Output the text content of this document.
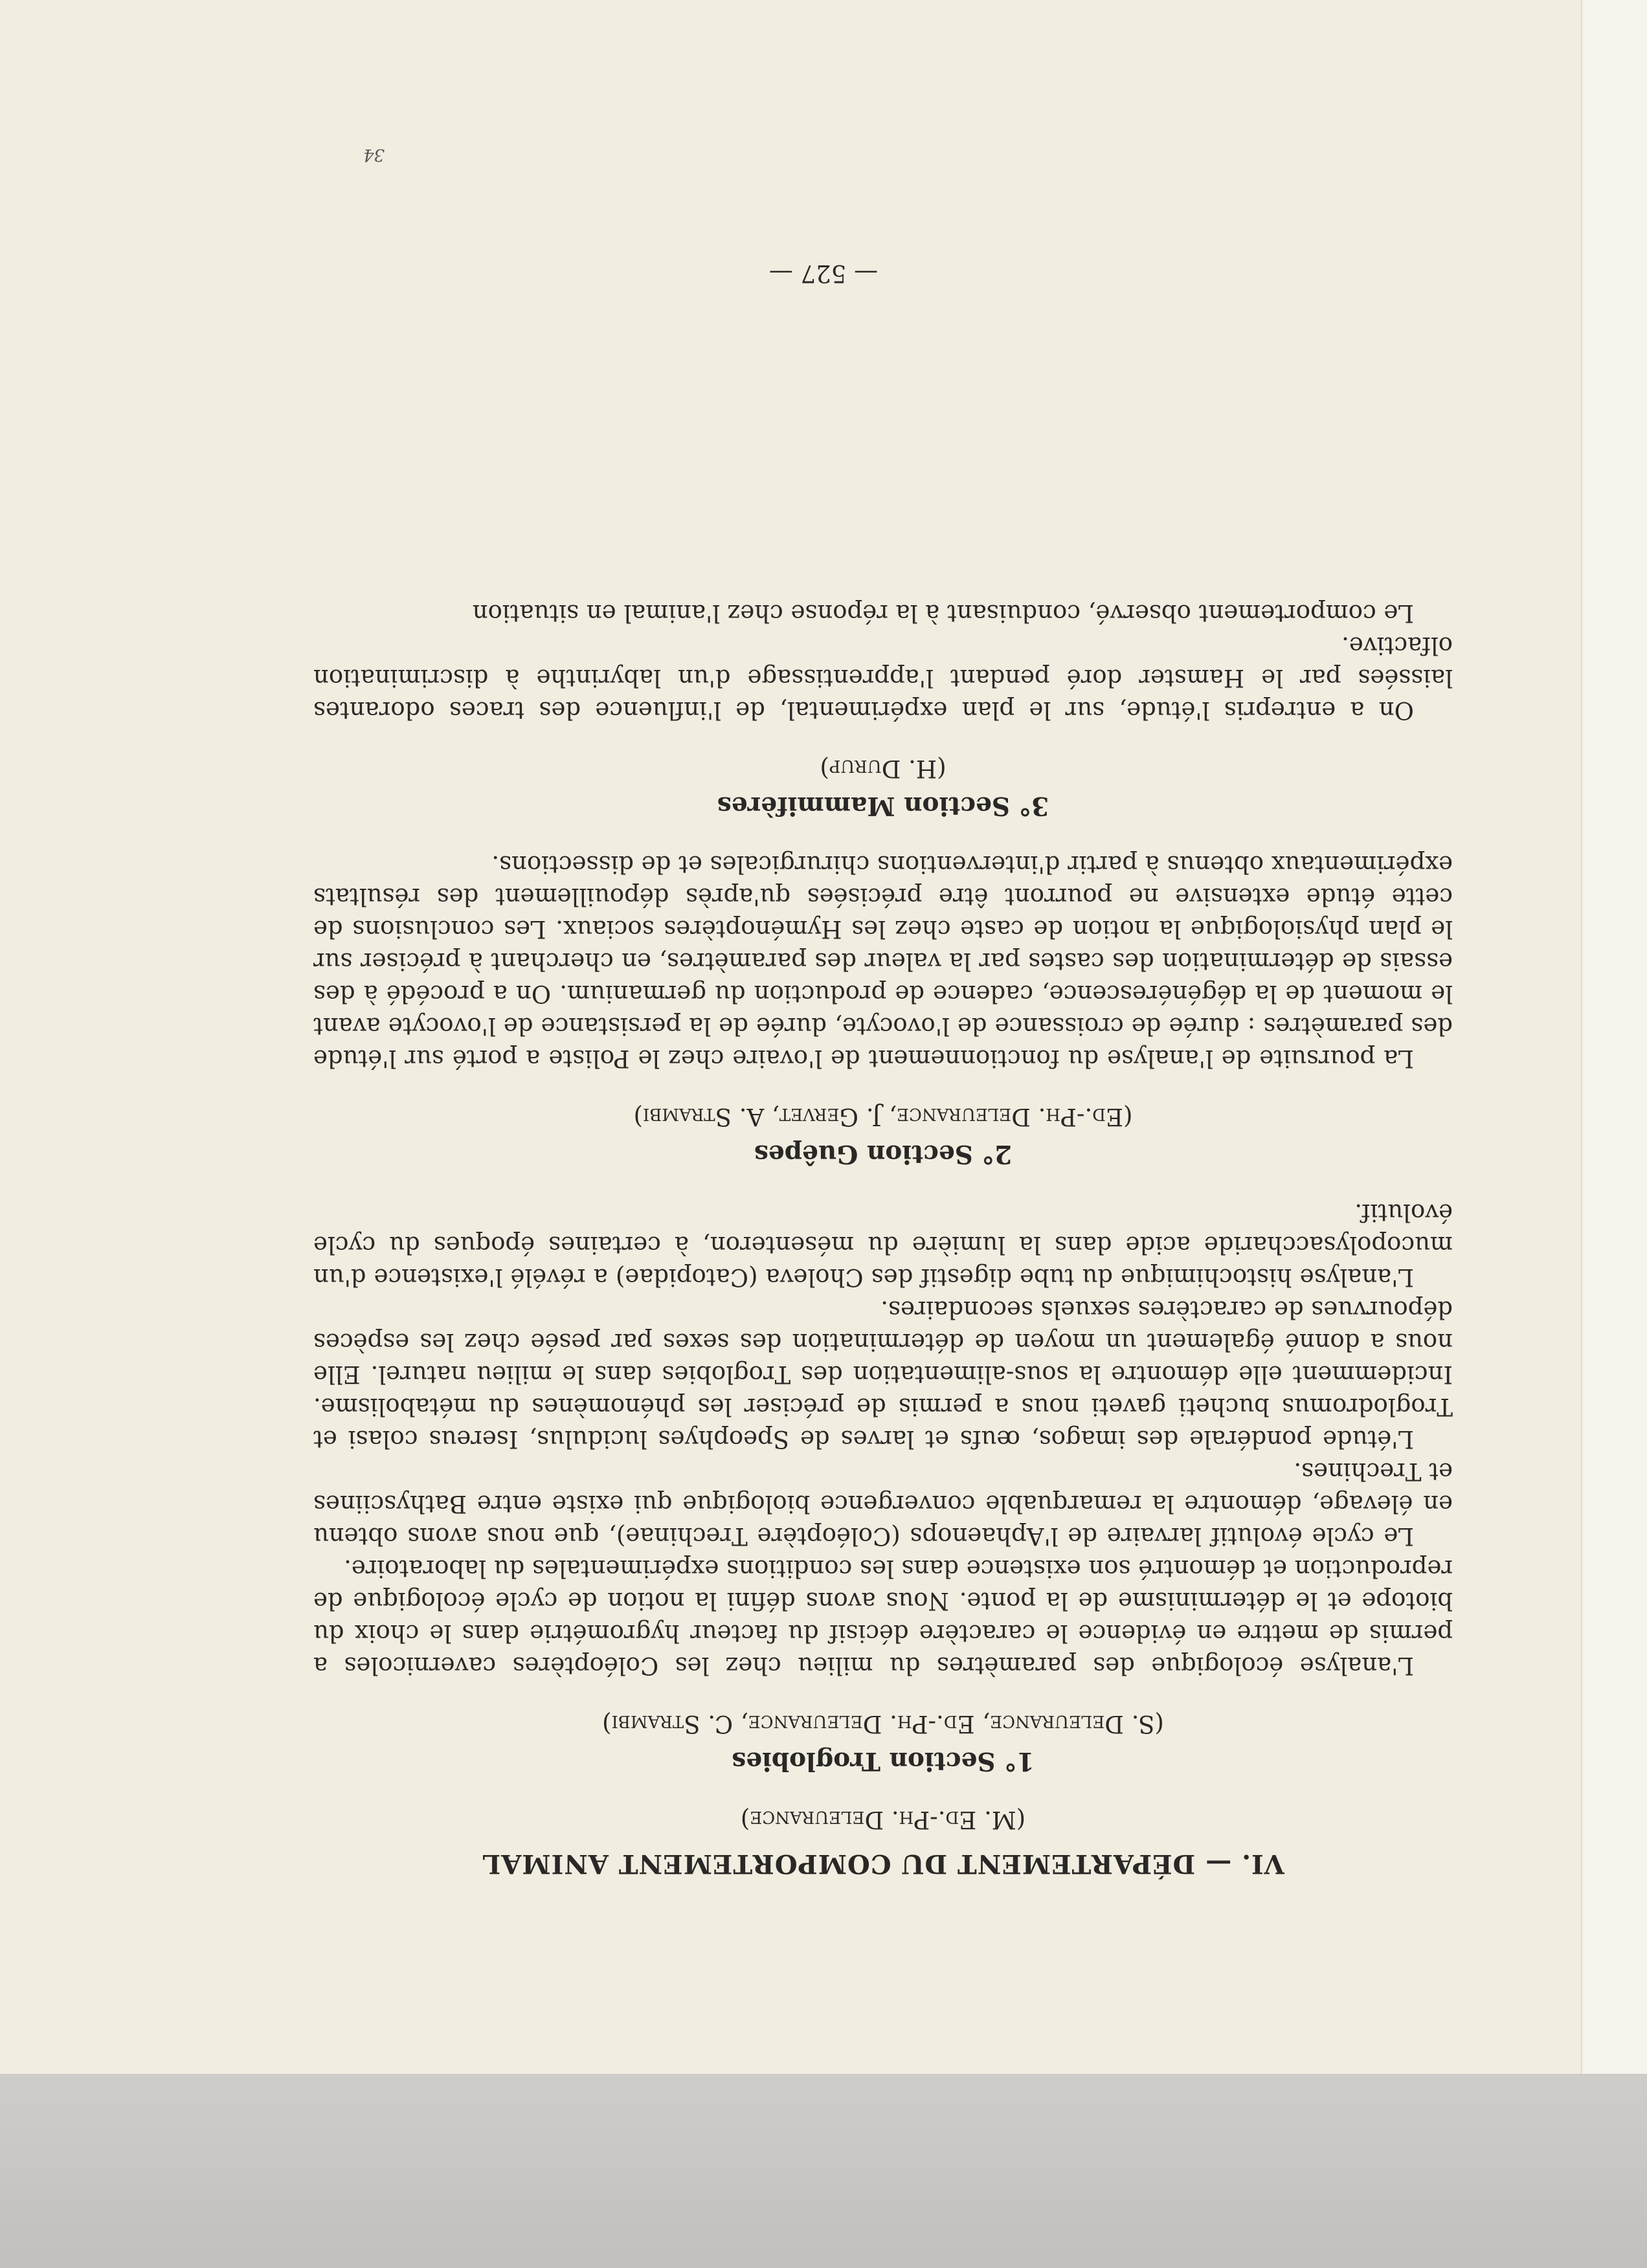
VI. — DÉPARTEMENT DU COMPORTEMENT ANIMAL
(M. Ed.-Ph. Deleurance)
1° Section Troglobies
(S. Deleurance, Ed.-Ph. Deleurance, C. Strambi)

L'analyse écologique des paramètres du milieu chez les Coléoptères cavernicoles a permis de mettre en évidence le caractère décisif du facteur hygrométrie dans le choix du biotope et le déterminisme de la ponte. Nous avons défini la notion de cycle écologique de reproduction et démontré son existence dans les conditions expérimentales du laboratoire.

Le cycle évolutif larvaire de l'Aphaenops (Coléoptère Trechinae), que nous avons obtenu en élevage, démontre la remarquable convergence biologique qui existe entre Bathysciines et Trechines.

L'étude pondérale des imagos, œufs et larves de Speophyes lucidulus, Isereus colasi et Troglodromus bucheti gaveti nous a permis de préciser les phénomènes du métabolisme. Incidemment elle démontre la sous-alimentation des Troglobies dans le milieu naturel. Elle nous a donné également un moyen de détermination des sexes par pesée chez les espèces dépourvues de caractères sexuels secondaires.

L'analyse histochimique du tube digestif des Choleva (Catopidae) a révélé l'existence d'un mucopolysaccharide acide dans la lumière du mésenteron, à certaines époques du cycle évolutif.

2° Section Guêpes
(Ed.-Ph. Deleurance, J. Gervet, A. Strambi)

La poursuite de l'analyse du fonctionnement de l'ovaire chez le Poliste a porté sur l'étude des paramètres : durée de croissance de l'ovocyte, durée de la persistance de l'ovocyte avant le moment de la dégénérescence, cadence de production du germanium. On a procédé à des essais de détermination des castes par la valeur des paramètres, en cherchant à préciser sur le plan physiologique la notion de caste chez les Hyménoptères sociaux. Les conclusions de cette étude extensive ne pourront être précisées qu'après dépouillement des résultats expérimentaux obtenus à partir d'interventions chirurgicales et de dissections.

3° Section Mammifères
(H. Durup)

On a entrepris l'étude, sur le plan expérimental, de l'influence des traces odorantes laissées par le Hamster doré pendant l'apprentissage d'un labyrinthe à discrimination olfactive.

Le comportement observé, conduisant à la réponse chez l'animal en situation

— 527 —
34
